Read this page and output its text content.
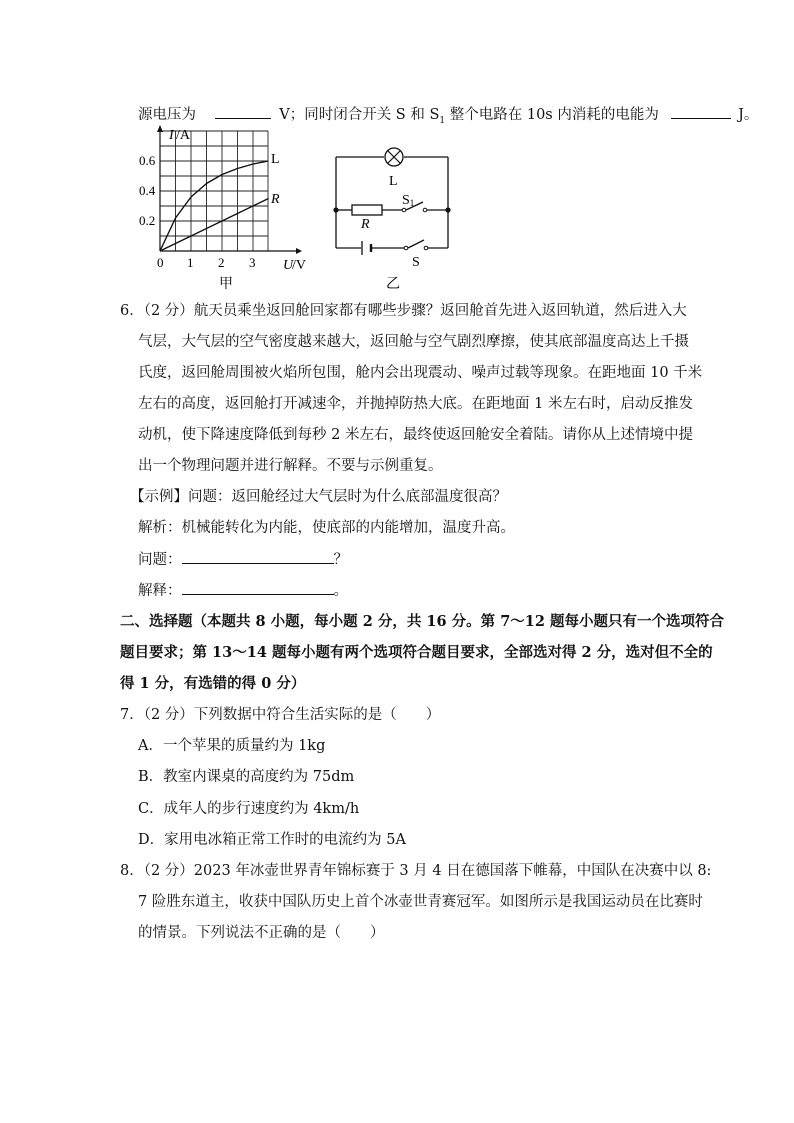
源电压为	V；同时闭合开关 S 和 $S_1$ 整个电路在 10s 内消耗的电能为	J。
I /A
0.6
0.4
0.2
0 1 2 3 U
/V
L
R
甲
L
R
S1
S
乙
6．（2 分）航天员乘坐返回舱回家都有哪些步骤？返回舱首先进入返回轨道，然后进入大
气层，大气层的空气密度越来越大，返回舱与空气剧烈摩擦，使其底部温度高达上千摄
氏度，返回舱周围被火焰所包围，舱内会出现震动、噪声过载等现象。在距地面 10 千米
左右的高度，返回舱打开减速伞，并抛掉防热大底。在距地面 1 米左右时，启动反推发
动机，使下降速度降低到每秒 2 米左右，最终使返回舱安全着陆。请你从上述情境中提
出一个物理问题并进行解释。不要与示例重复。
【示例】问题：返回舱经过大气层时为什么底部温度很高？
解析：机械能转化为内能，使底部的内能增加，温度升高。
问题：	？
解释：	。
二、选择题（本题共 8 小题，每小题 2 分，共 16 分。第 7～12 题每小题只有一个选项符合
题目要求；第 13～14 题每小题有两个选项符合题目要求，全部选对得 2 分，选对但不全的
得 1 分，有选错的得 0 分）
7．（2 分）下列数据中符合生活实际的是（　　）
A．一个苹果的质量约为 1kg
B．教室内课桌的高度约为 75dm
C．成年人的步行速度约为 4km/h
D．家用电冰箱正常工作时的电流约为 5A
8．（2 分）2023 年冰壶世界青年锦标赛于 3 月 4 日在德国落下帷幕，中国队在决赛中以 8:
7 险胜东道主，收获中国队历史上首个冰壶世青赛冠军。如图所示是我国运动员在比赛时
的情景。下列说法不正确的是（　　）
